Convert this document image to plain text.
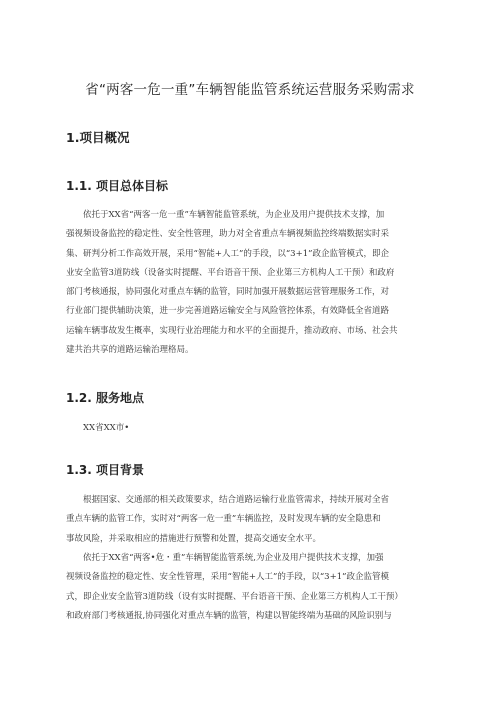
省“两客一危一重”车辆智能监管系统运营服务采购需求
1.项目概况
1.1. 项目总体目标
依托于XX省“两客一危一重”车辆智能监管系统，为企业及用户提供技术支撑，加
强视频设备监控的稳定性、安全性管理，助力对全省重点车辆视频监控终端数据实时采
集、研判分析工作高效开展，采用“智能+人工”的手段，以“3+1”政企监管模式，即企
业安全监管3道防线（设备实时提醒、平台语音干预、企业第三方机构人工干预）和政府
部门考核通报，协同强化对重点车辆的监管，同时加强开展数据运营管理服务工作，对
行业部门提供辅助决策，进一步完善道路运输安全与风险管控体系，有效降低全省道路
运输车辆事故发生概率，实现行业治理能力和水平的全面提升，推动政府、市场、社会共
建共治共享的道路运输治理格局。
1.2. 服务地点
XX省XX市•
1.3. 项目背景
根据国家、交通部的相关政策要求，结合道路运输行业监管需求，持续开展对全省
重点车辆的监管工作，实时对“两客一危一重”车辆监控，及时发现车辆的安全隐患和
事故风险，并采取相应的措施进行预警和处置，提高交通安全水平。
依托于XX省“两客•危・重”车辆智能监管系统,为企业及用户提供技术支撑，加强
视频设备监控的稳定性、安全性管理，采用“智能+人工”的手段，以“3+1”政企监管模
式，即企业安全监管3道防线（设有实时提醒、平台语音干预、企业第三方机构人工干预）
和政府部门考核通报,协同强化对重点车辆的监管，构建以智能终端为基础的风险识别与
